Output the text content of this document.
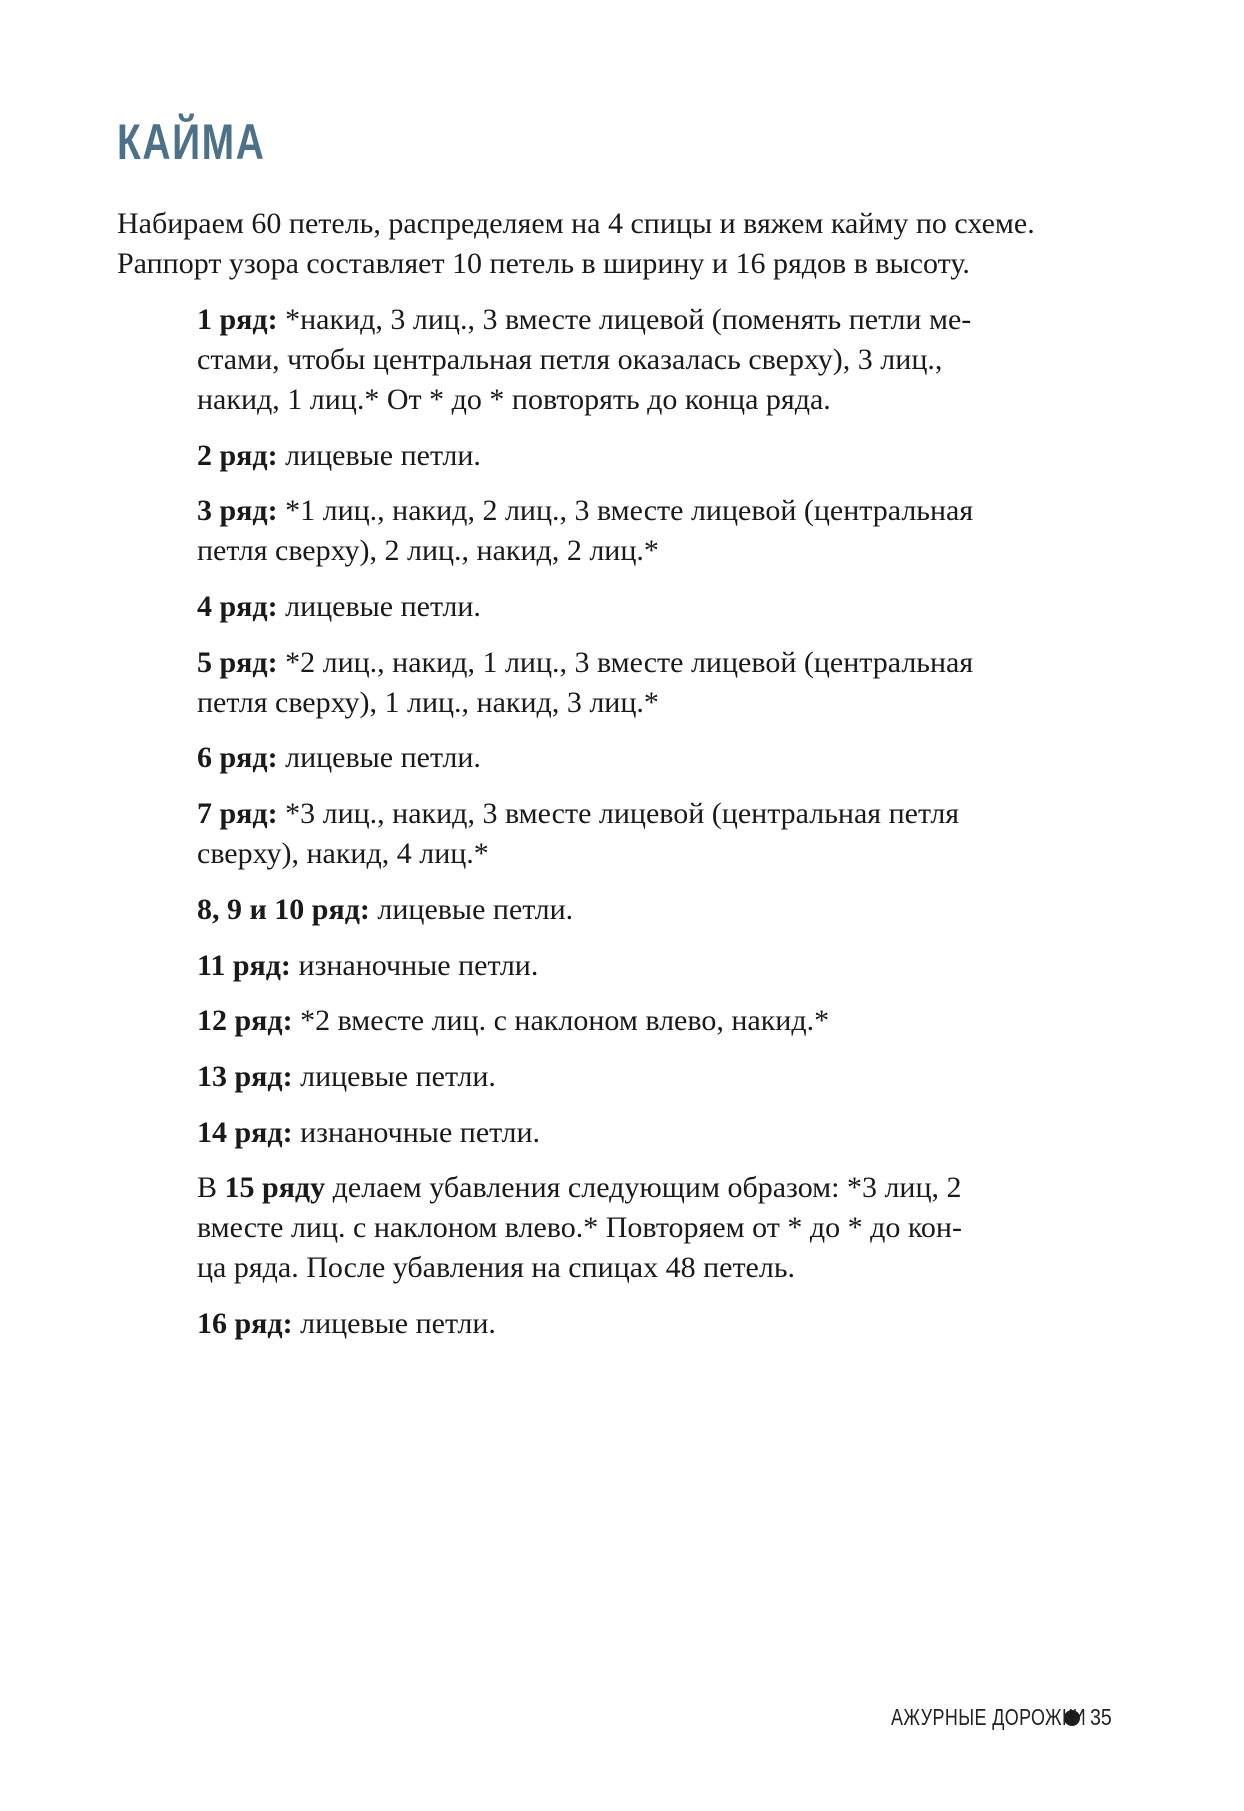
КАЙМА

Набираем 60 петель, распределяем на 4 спицы и вяжем кайму по схеме.
Раппорт узора составляет 10 петель в ширину и 16 рядов в высоту.

1 ряд: *накид, 3 лиц., 3 вместе лицевой (поменять петли ме-
стами, чтобы центральная петля оказалась сверху), 3 лиц.,
накид, 1 лиц.* От * до * повторять до конца ряда.
2 ряд: лицевые петли.
3 ряд: *1 лиц., накид, 2 лиц., 3 вместе лицевой (центральная
петля сверху), 2 лиц., накид, 2 лиц.*
4 ряд: лицевые петли.
5 ряд: *2 лиц., накид, 1 лиц., 3 вместе лицевой (центральная
петля сверху), 1 лиц., накид, 3 лиц.*
6 ряд: лицевые петли.
7 ряд: *3 лиц., накид, 3 вместе лицевой (центральная петля
сверху), накид, 4 лиц.*
8, 9 и 10 ряд: лицевые петли.
11 ряд: изнаночные петли.
12 ряд: *2 вместе лиц. с наклоном влево, накид.*
13 ряд: лицевые петли.
14 ряд: изнаночные петли.
В 15 ряду делаем убавления следующим образом: *3 лиц, 2
вместе лиц. с наклоном влево.* Повторяем от * до * до кон-
ца ряда. После убавления на спицах 48 петель.
16 ряд: лицевые петли.
АЖУРНЫЕ ДОРОЖКИ 35
